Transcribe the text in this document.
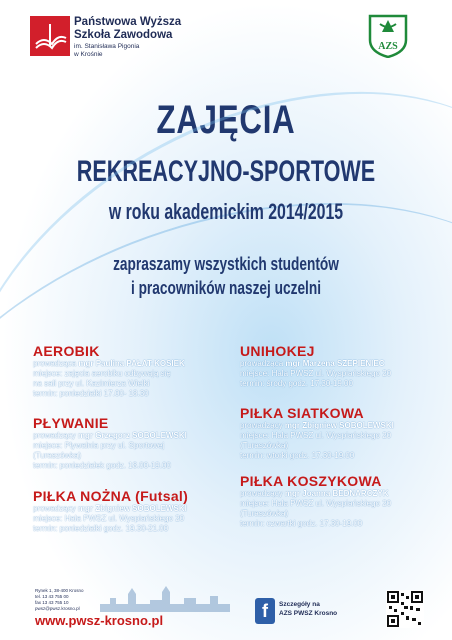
Państwowa Wyższa
Szkoła Zawodowa
im. Stanisława Pigonia
w Krośnie
AZS
ZAJĘCIA
REKREACYJNO-SPORTOWE
w roku akademickim 2014/2015
zapraszamy wszystkich studentów
i pracowników naszej uczelni
AEROBIK

prowadząca mgr Paulina PAŁAT-KOSIEK

miejsce: zajęcia aerobiku odbywają się

na sali przy ul. Kazimierza Wielki

termin: poniedziałki 17.00- 18.30

PŁYWANIE

prowadzący mgr Grzegorz SOBOLEWSKI

miejsce: Pływalnia przy ul. Sportowej

(Turaszówka)

termin: poniedziałek godz. 18.00-19.00

PIŁKA NOŻNA (Futsal)

prowadzący mgr Zbigniew SOBOLEWSKI

miejsce: Hala PWSZ ul. Wyspiańskiego 20

termin: poniedziałki godz. 19.30-21.00

UNIHOKEJ

prowadząca mgr Marzena SZEPIENIEC

miejsce: Hala PWSZ ul. Wyspiańskiego 20

termin: środy godz. 17.30-19.00

PIŁKA SIATKOWA

prowadzący mgr Zbigniew SOBOLEWSKI

miejsce: Hala PWSZ ul. Wyspiańskiego 20

(Turaszówka)

termin: wtorki godz. 17.30-19.00

PIŁKA KOSZYKOWA

prowadzący mgr Joanna BEDNARCZYK

miejsce: Hala PWSZ ul. Wyspiańskiego 20

(Turaszówka)

termin: czwartki godz. 17.30-19.00

Rynek 1, 38-400 Krosno
tel. 13 43 755 00
fax 13 43 755 10
pwsz@pwsz.krosno.pl
www.pwsz-krosno.pl	f	Szczegóły na
AZS PWSZ Krosno
